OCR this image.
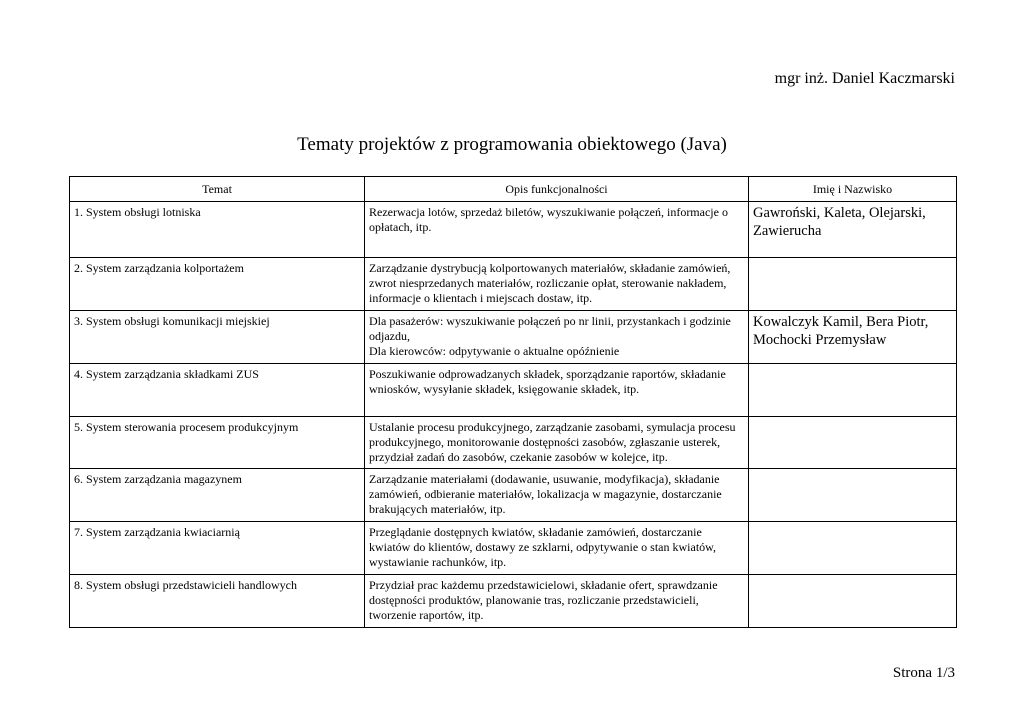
mgr inż. Daniel Kaczmarski
Tematy projektów z programowania obiektowego (Java)
Temat	Opis funkcjonalności	Imię i Nazwisko
1. System obsługi lotniska	Rezerwacja lotów, sprzedaż biletów, wyszukiwanie połączeń, informacje o opłatach, itp.	Gawroński, Kaleta, Olejarski, Zawierucha
2. System zarządzania kolportażem	Zarządzanie dystrybucją kolportowanych materiałów, składanie zamówień, zwrot niesprzedanych materiałów, rozliczanie opłat, sterowanie nakładem, informacje o klientach i miejscach dostaw, itp.	
3. System obsługi komunikacji miejskiej	Dla pasażerów: wyszukiwanie połączeń po nr linii, przystankach i godzinie odjazdu,
Dla kierowców: odpytywanie o aktualne opóźnienie	Kowalczyk Kamil, Bera Piotr, Mochocki Przemysław
4. System zarządzania składkami ZUS	Poszukiwanie odprowadzanych składek, sporządzanie raportów, składanie wniosków, wysyłanie składek, księgowanie składek, itp.	
5. System sterowania procesem produkcyjnym	Ustalanie procesu produkcyjnego, zarządzanie zasobami, symulacja procesu produkcyjnego, monitorowanie dostępności zasobów, zgłaszanie usterek, przydział zadań do zasobów, czekanie zasobów w kolejce, itp.	
6. System zarządzania magazynem	Zarządzanie materiałami (dodawanie, usuwanie, modyfikacja), składanie zamówień, odbieranie materiałów, lokalizacja w magazynie, dostarczanie brakujących materiałów, itp.	
7. System zarządzania kwiaciarnią	Przeglądanie dostępnych kwiatów, składanie zamówień, dostarczanie kwiatów do klientów, dostawy ze szklarni, odpytywanie o stan kwiatów, wystawianie rachunków, itp.	
8. System obsługi przedstawicieli handlowych	Przydział prac każdemu przedstawicielowi, składanie ofert, sprawdzanie dostępności produktów, planowanie tras, rozliczanie przedstawicieli, tworzenie raportów, itp.	
Strona 1/3
